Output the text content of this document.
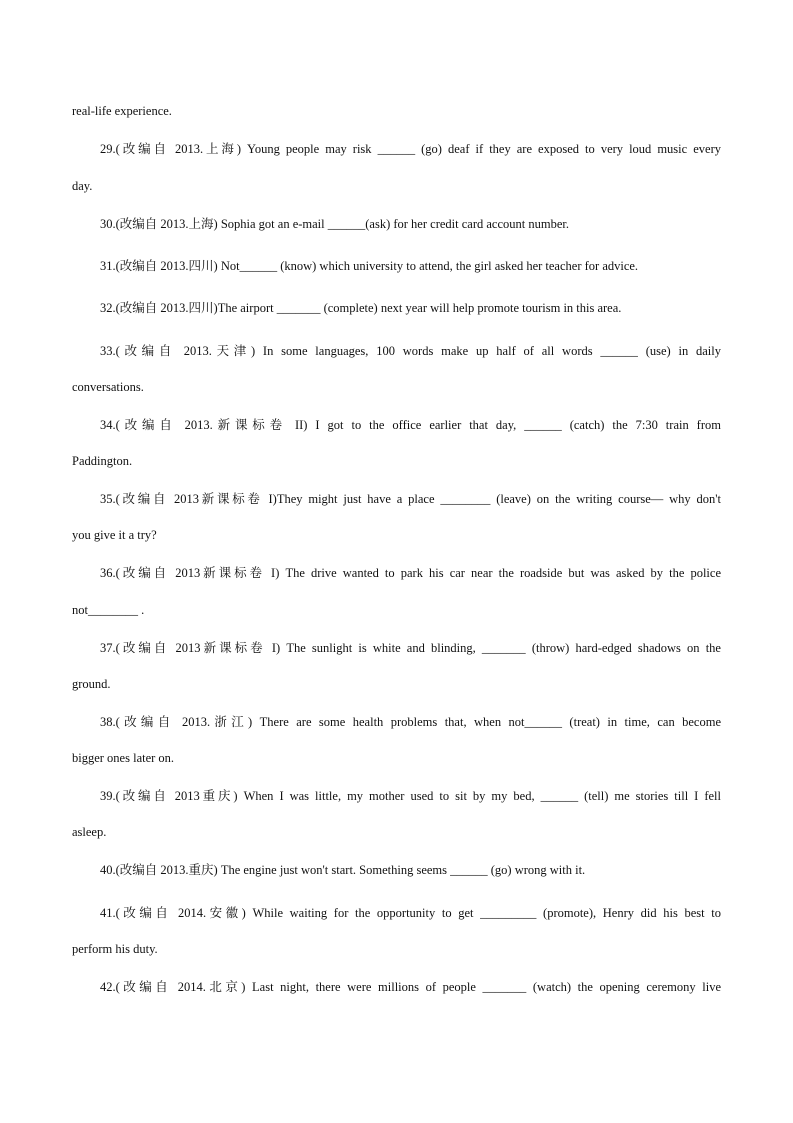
real-life experience.
29.(改编自 2013.上海) Young people may risk ______ (go) deaf if they are exposed to very loud music every
day.
30.(改编自 2013.上海) Sophia got an e-mail ______(ask) for her credit card account number.
31.(改编自 2013.四川) Not______ (know) which university to attend, the girl asked her teacher for advice.
32.(改编自 2013.四川)The airport _______ (complete) next year will help promote tourism in this area.
33.(改编自 2013.天津) In some languages, 100 words make up half of all words ______ (use) in daily
conversations.
34.(改编自 2013.新课标卷 II) I got to the office earlier that day, ______ (catch) the 7:30 train from
Paddington.
35.(改编自 2013新课标卷 I)They might just have a place ________ (leave) on the writing course— why don't
you give it a try?
36.(改编自 2013新课标卷 I) The drive wanted to park his car near the roadside but was asked by the police
not________ .
37.(改编自 2013新课标卷 I) The sunlight is white and blinding, _______ (throw) hard-edged shadows on the
ground.
38.(改编自 2013.浙江) There are some health problems that, when not______ (treat) in time, can become
bigger ones later on.
39.(改编自 2013重庆) When I was little, my mother used to sit by my bed, ______ (tell) me stories till I fell
asleep.
40.(改编自 2013.重庆) The engine just won't start. Something seems ______ (go) wrong with it.
41.(改编自 2014.安徽) While waiting for the opportunity to get _________ (promote), Henry did his best to
perform his duty.
42.(改编自 2014.北京) Last night, there were millions of people _______ (watch) the opening ceremony live
